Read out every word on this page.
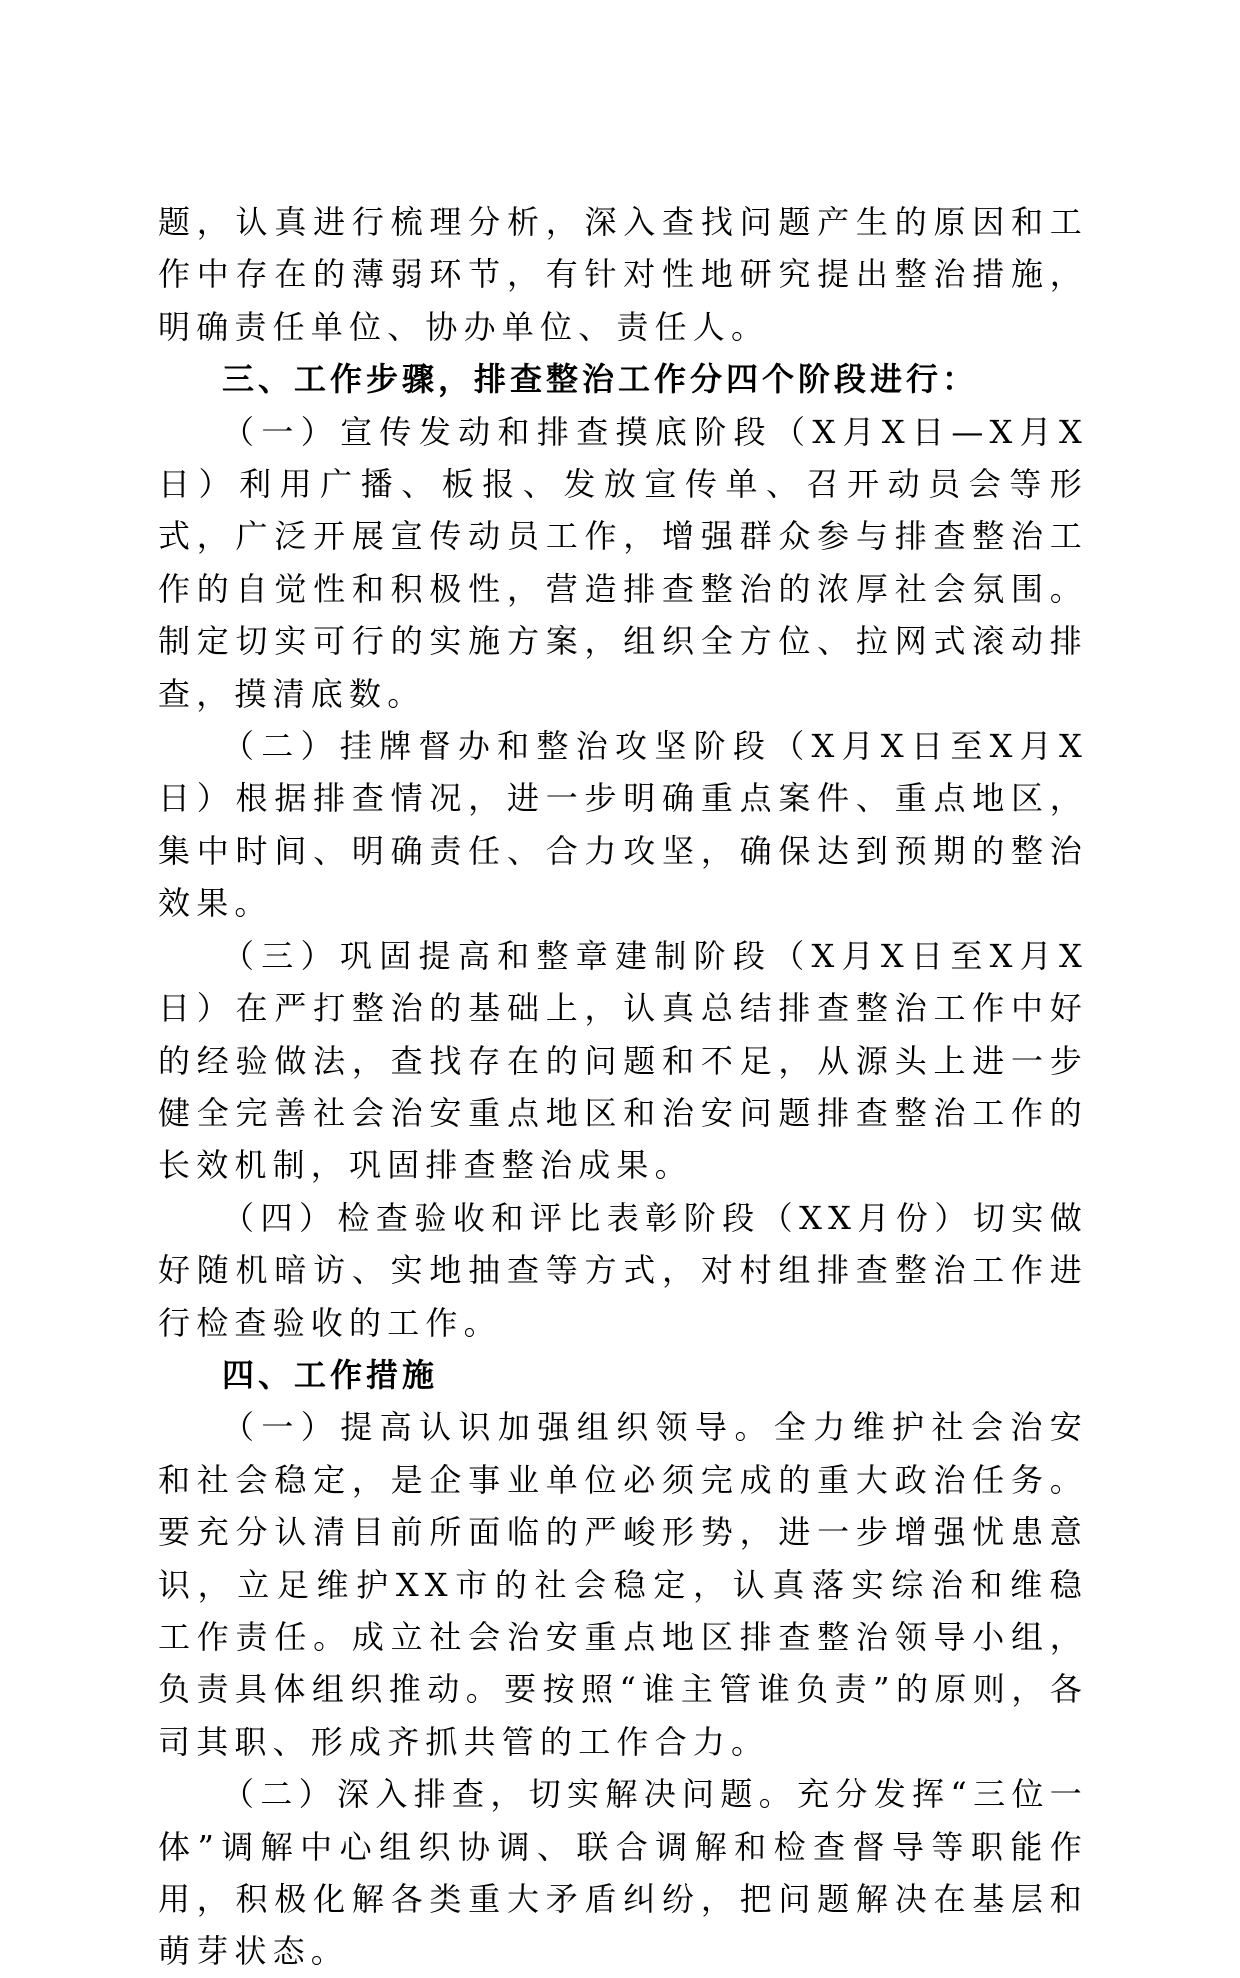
题，认真进行梳理分析，深入查找问题产生的原因和工作中存在的薄弱环节，有针对性地研究提出整治措施，明确责任单位、协办单位、责任人。

三、工作步骤，排查整治工作分四个阶段进行：

（一）宣传发动和排查摸底阶段（X月X日—X月X日）利用广播、板报、发放宣传单、召开动员会等形式，广泛开展宣传动员工作，增强群众参与排查整治工作的自觉性和积极性，营造排查整治的浓厚社会氛围。制定切实可行的实施方案，组织全方位、拉网式滚动排查，摸清底数。

（二）挂牌督办和整治攻坚阶段（X月X日至X月X日）根据排查情况，进一步明确重点案件、重点地区，集中时间、明确责任、合力攻坚，确保达到预期的整治效果。

（三）巩固提高和整章建制阶段（X月X日至X月X日）在严打整治的基础上，认真总结排查整治工作中好的经验做法，查找存在的问题和不足，从源头上进一步健全完善社会治安重点地区和治安问题排查整治工作的长效机制，巩固排查整治成果。

（四）检查验收和评比表彰阶段（XX月份）切实做好随机暗访、实地抽查等方式，对村组排查整治工作进行检查验收的工作。

四、工作措施

（一）提高认识加强组织领导。全力维护社会治安和社会稳定，是企事业单位必须完成的重大政治任务。要充分认清目前所面临的严峻形势，进一步增强忧患意识，立足维护XX市的社会稳定，认真落实综治和维稳工作责任。成立社会治安重点地区排查整治领导小组，负责具体组织推动。要按照“谁主管谁负责”的原则，各司其职、形成齐抓共管的工作合力。

（二）深入排查，切实解决问题。充分发挥“三位一体”调解中心组织协调、联合调解和检查督导等职能作用，积极化解各类重大矛盾纠纷，把问题解决在基层和萌芽状态。
